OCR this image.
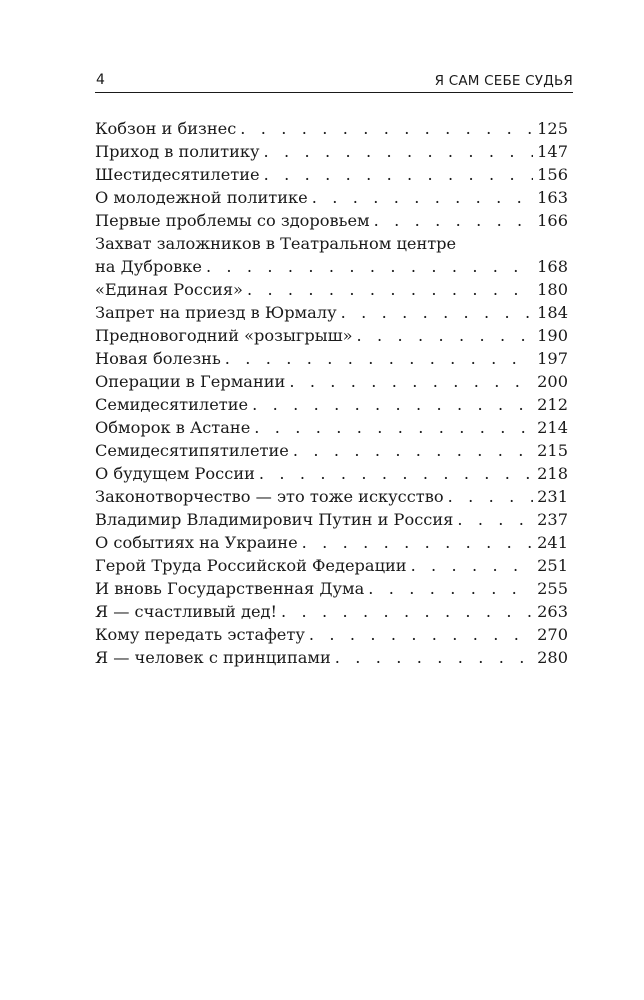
4	Я САМ СЕБЕ СУДЬЯ
Кобзон и бизнес . . .	125
Приход в политику . . .	147
Шестидесятилетие . . .	156
О молодежной политике . . .	163
Первые проблемы со здоровьем . . .	166
Захват заложников в Театральном центре
на Дубровке . . .	168
«Единая Россия» . . .	180
Запрет на приезд в Юрмалу . . .	184
Предновогодний «розыгрыш» . . .	190
Новая болезнь . . .	197
Операции в Германии . . .	200
Семидесятилетие . . .	212
Обморок в Астане . . .	214
Семидесятипятилетие . . .	215
О будущем России . . .	218
Законотворчество — это тоже искусство . . .	231
Владимир Владимирович Путин и Россия . . .	237
О событиях на Украине . . .	241
Герой Труда Российской Федерации . . .	251
И вновь Государственная Дума . . .	255
Я — счастливый дед! . . .	263
Кому передать эстафету . . .	270
Я — человек с принципами . . .	280
